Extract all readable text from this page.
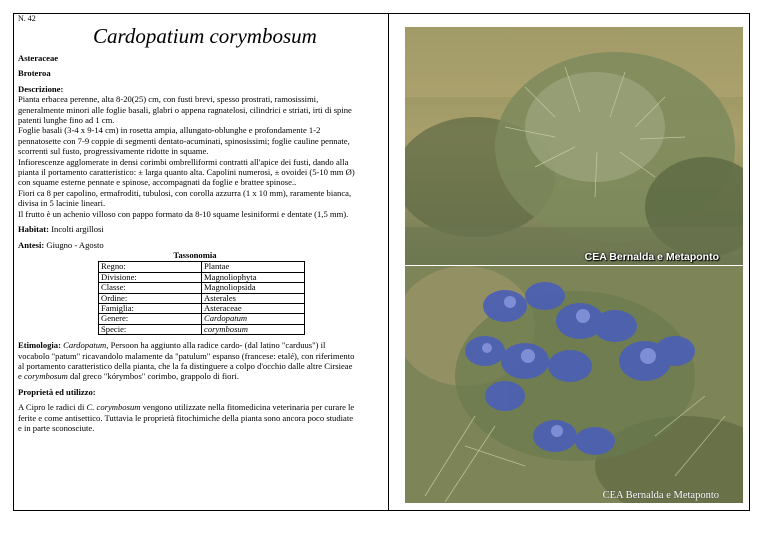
N. 42
Cardopatium corymbosum

Asteraceae

Broteroa

Descrizione:

Pianta erbacea perenne, alta 8-20(25) cm, con fusti brevi, spesso prostrati, ramosissimi,
generalmente minori alle foglie basali, glabri o appena ragnatelosi, cilindrici e striati, irti di spine
patenti lunghe fino ad 1 cm.
Foglie basali (3-4 x 9-14 cm) in rosetta ampia, allungato-oblunghe e profondamente 1-2
pennatosette con 7-9 coppie di segmenti dentato-acuminati, spinosissimi; foglie cauline pennate,
scorrenti sul fusto, progressivamente ridotte in squame.
Infiorescenze agglomerate in densi corimbi ombrelliformi contratti all'apice dei fusti, dando alla
pianta il portamento caratteristico: ± larga quanto alta. Capolini numerosi, ± ovoidei (5-10 mm Ø)
con squame esterne pennate e spinose, accompagnati da foglie e brattee spinose..
Fiori ca 8 per capolino, ermafroditi, tubulosi, con corolla azzurra (1 x 10 mm), raramente bianca,
divisa in 5 lacinie lineari.
Il frutto è un achenio villoso con pappo formato da 8-10 squame lesiniformi e dentate (1,5 mm).

Habitat: Incolti argillosi

Antesi: Giugno - Agosto

Tassonomia
Regno:	Plantae
Divisione:	Magnoliophyta
Classe:	Magnoliopsida
Ordine:	Asterales
Famiglia:	Asteraceae
Genere:	Cardopatum
Specie:	corymbosum
Etimologia: Cardopatum, Persoon ha aggiunto alla radice cardo- (dal latino "carduus") il
vocabolo "patum" ricavandolo malamente da "patulum" espanso (francese: etalé), con riferimento
al portamento caratteristico della pianta, che la fa distinguere a colpo d'occhio dalle altre Cirsieae
e corymbosum dal greco "kórymbos" corimbo, grappolo di fiori.

Proprietà ed utilizzo:

A Cipro le radici di C. corymbosum vengono utilizzate nella fitomedicina veterinaria per curare le
ferite e come antisettico. Tuttavia le proprietà fitochimiche della pianta sono ancora poco studiate
e in parte sconosciute.
CEA Bernalda e Metaponto
CEA Bernalda e Metaponto
